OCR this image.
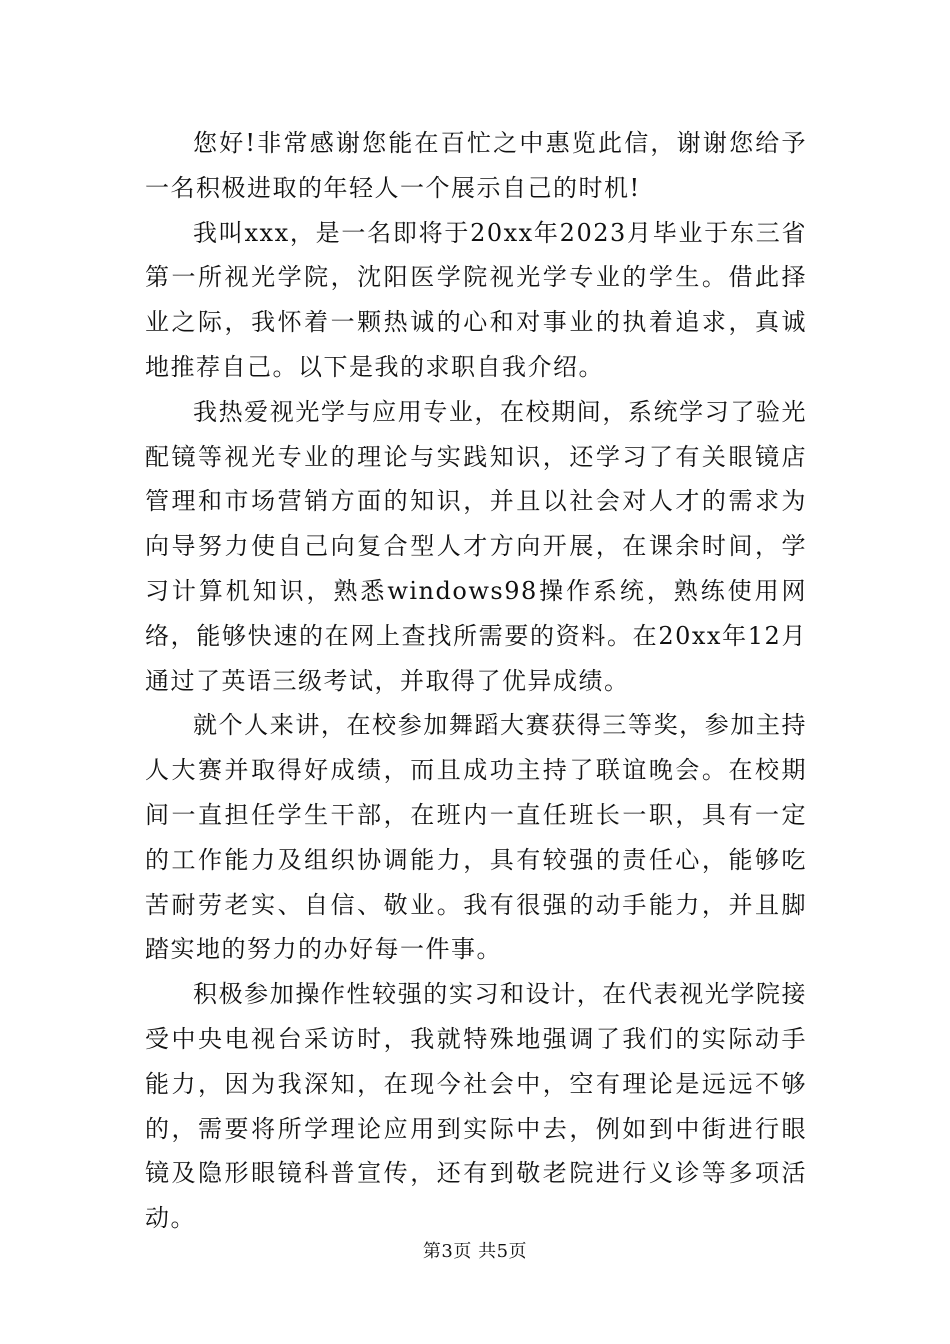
您好!非常感谢您能在百忙之中惠览此信，谢谢您给予一名积极进取的年轻人一个展示自己的时机!

我叫xxx，是一名即将于20xx年2023月毕业于东三省第一所视光学院，沈阳医学院视光学专业的学生。借此择业之际，我怀着一颗热诚的心和对事业的执着追求，真诚地推荐自己。以下是我的求职自我介绍。

我热爱视光学与应用专业，在校期间，系统学习了验光配镜等视光专业的理论与实践知识，还学习了有关眼镜店管理和市场营销方面的知识，并且以社会对人才的需求为向导努力使自己向复合型人才方向开展，在课余时间，学习计算机知识，熟悉windows98操作系统，熟练使用网络，能够快速的在网上查找所需要的资料。在20xx年12月通过了英语三级考试，并取得了优异成绩。

就个人来讲，在校参加舞蹈大赛获得三等奖，参加主持人大赛并取得好成绩，而且成功主持了联谊晚会。在校期间一直担任学生干部，在班内一直任班长一职，具有一定的工作能力及组织协调能力，具有较强的责任心，能够吃苦耐劳老实、自信、敬业。我有很强的动手能力，并且脚踏实地的努力的办好每一件事。

积极参加操作性较强的实习和设计，在代表视光学院接受中央电视台采访时，我就特殊地强调了我们的实际动手能力，因为我深知，在现今社会中，空有理论是远远不够的，需要将所学理论应用到实际中去，例如到中街进行眼镜及隐形眼镜科普宣传，还有到敬老院进行义诊等多项活动。

第3页 共5页
